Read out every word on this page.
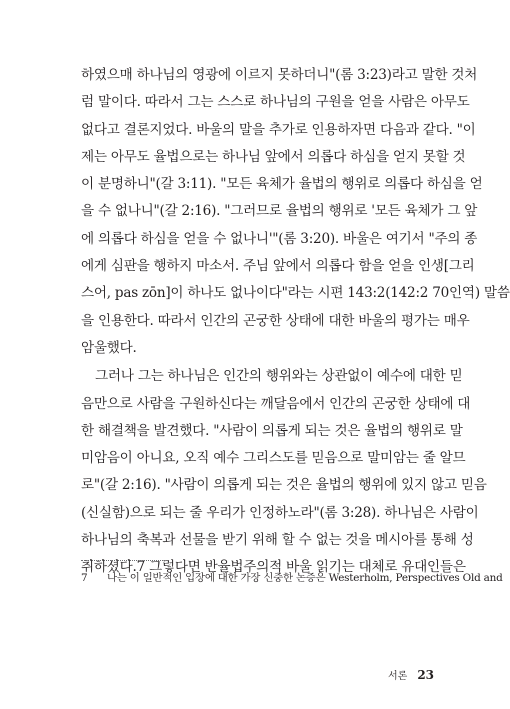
하였으매 하나님의 영광에 이르지 못하더니"(롬 3:23)라고 말한 것처
럼 말이다. 따라서 그는 스스로 하나님의 구원을 얻을 사람은 아무도
없다고 결론지었다. 바울의 말을 추가로 인용하자면 다음과 같다. "이
제는 아무도 율법으로는 하나님 앞에서 의롭다 하심을 얻지 못할 것
이 분명하니"(갈 3:11). "모든 육체가 율법의 행위로 의롭다 하심을 얻
을 수 없나니"(갈 2:16). "그러므로 율법의 행위로 '모든 육체가 그 앞
에 의롭다 하심을 얻을 수 없나니'"(롬 3:20). 바울은 여기서 "주의 종
에게 심판을 행하지 마소서. 주님 앞에서 의롭다 함을 얻을 인생[그리
스어, pas zōn]이 하나도 없나이다"라는 시편 143:2(142:2 70인역) 말씀
을 인용한다. 따라서 인간의 곤궁한 상태에 대한 바울의 평가는 매우
암울했다.
그러나 그는 하나님은 인간의 행위와는 상관없이 예수에 대한 믿
음만으로 사람을 구원하신다는 깨달음에서 인간의 곤궁한 상태에 대
한 해결책을 발견했다. "사람이 의롭게 되는 것은 율법의 행위로 말
미암음이 아니요, 오직 예수 그리스도를 믿음으로 말미암는 줄 알므
로"(갈 2:16). "사람이 의롭게 되는 것은 율법의 행위에 있지 않고 믿음
(신실함)으로 되는 줄 우리가 인정하노라"(롬 3:28). 하나님은 사람이
하나님의 축복과 선물을 받기 위해 할 수 없는 것을 메시아를 통해 성
취하셨다.7 그렇다면 반율법주의적 바울 읽기는 대체로 유대인들은
7 나는 이 일반적인 입장에 대한 가장 신중한 논증은 Westerholm, Perspectives Old and
서론 23
